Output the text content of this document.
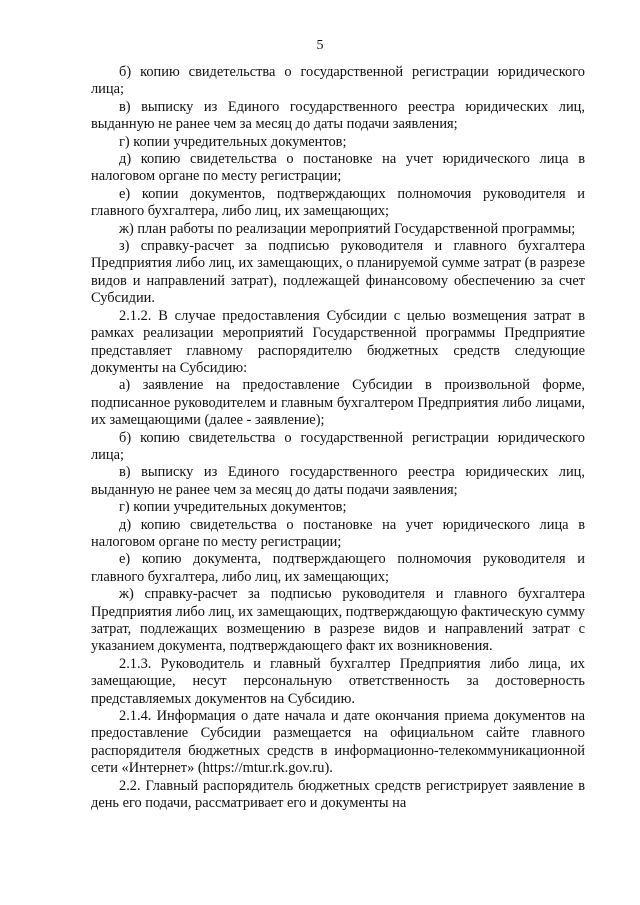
5

б) копию свидетельства о государственной регистрации юридического лица;

в) выписку из Единого государственного реестра юридических лиц, выданную не ранее чем за месяц до даты подачи заявления;

г) копии учредительных документов;

д) копию свидетельства о постановке на учет юридического лица в налоговом органе по месту регистрации;

е) копии документов, подтверждающих полномочия руководителя и главного бухгалтера, либо лиц, их замещающих;

ж) план работы по реализации мероприятий Государственной программы;

з) справку-расчет за подписью руководителя и главного бухгалтера Предприятия либо лиц, их замещающих, о планируемой сумме затрат (в разрезе видов и направлений затрат), подлежащей финансовому обеспечению за счет Субсидии.

2.1.2. В случае предоставления Субсидии с целью возмещения затрат в рамках реализации мероприятий Государственной программы Предприятие представляет главному распорядителю бюджетных средств следующие документы на Субсидию:

а) заявление на предоставление Субсидии в произвольной форме, подписанное руководителем и главным бухгалтером Предприятия либо лицами, их замещающими (далее - заявление);

б) копию свидетельства о государственной регистрации юридического лица;

в) выписку из Единого государственного реестра юридических лиц, выданную не ранее чем за месяц до даты подачи заявления;

г) копии учредительных документов;

д) копию свидетельства о постановке на учет юридического лица в налоговом органе по месту регистрации;

е) копию документа, подтверждающего полномочия руководителя и главного бухгалтера, либо лиц, их замещающих;

ж) справку-расчет за подписью руководителя и главного бухгалтера Предприятия либо лиц, их замещающих, подтверждающую фактическую сумму затрат, подлежащих возмещению в разрезе видов и направлений затрат с указанием документа, подтверждающего факт их возникновения.

2.1.3. Руководитель и главный бухгалтер Предприятия либо лица, их замещающие, несут персональную ответственность за достоверность представляемых документов на Субсидию.

2.1.4. Информация о дате начала и дате окончания приема документов на предоставление Субсидии размещается на официальном сайте главного распорядителя бюджетных средств в информационно-телекоммуникационной сети «Интернет» (https://mtur.rk.gov.ru).

2.2. Главный распорядитель бюджетных средств регистрирует заявление в день его подачи, рассматривает его и документы на
